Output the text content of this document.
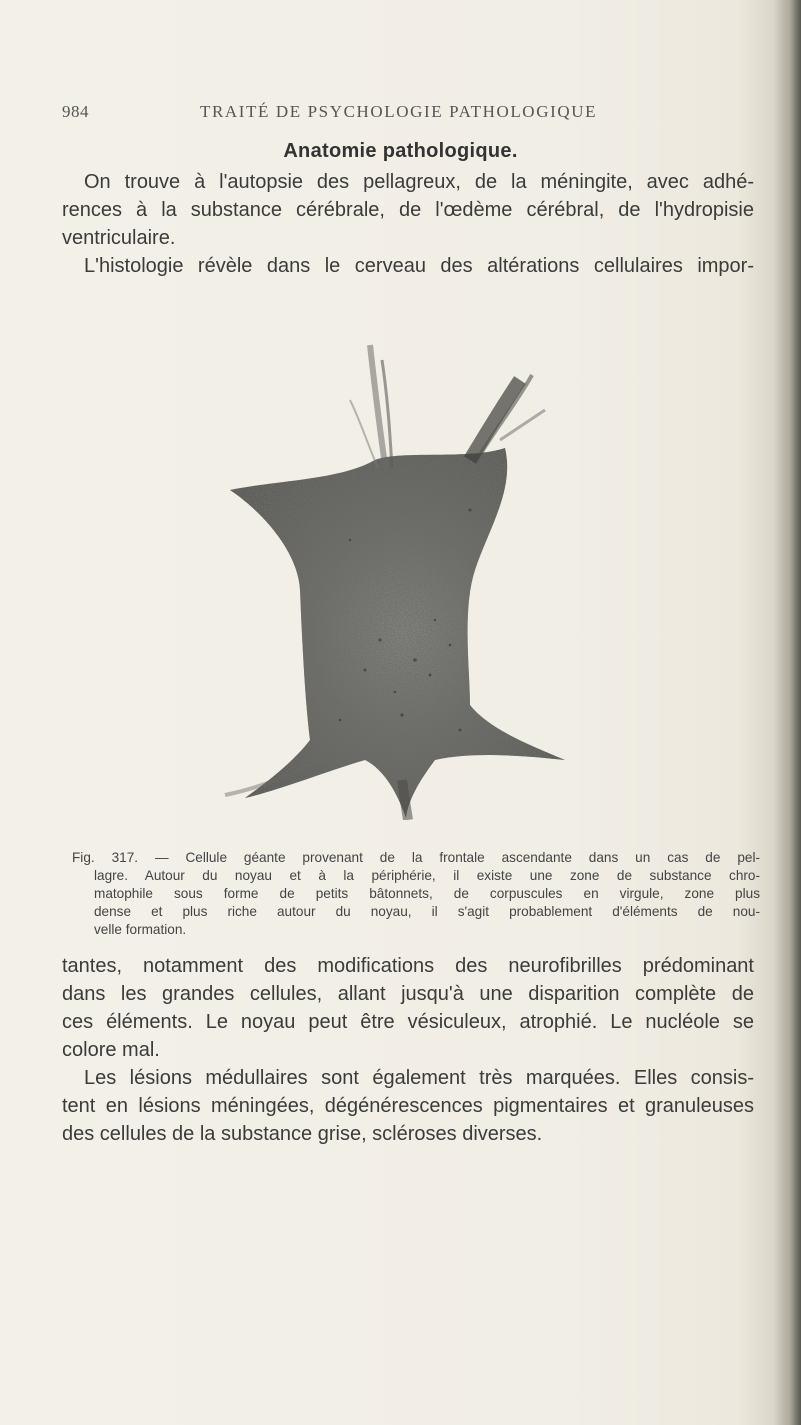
984	TRAITÉ DE PSYCHOLOGIE PATHOLOGIQUE
Anatomie pathologique.

On trouve à l'autopsie des pellagreux, de la méningite, avec adhé-
rences à la substance cérébrale, de l'œdème cérébral, de l'hydropisie
ventriculaire.

L'histologie révèle dans le cerveau des altérations cellulaires impor-

Fig. 317. — Cellule géante provenant de la frontale ascendante dans un cas de pel-
lagre. Autour du noyau et à la périphérie, il existe une zone de substance chro-
matophile sous forme de petits bâtonnets, de corpuscules en virgule, zone plus
dense et plus riche autour du noyau, il s'agit probablement d'éléments de nou-
velle formation.

tantes, notamment des modifications des neurofibrilles prédominant
dans les grandes cellules, allant jusqu'à une disparition complète de
ces éléments. Le noyau peut être vésiculeux, atrophié. Le nucléole se
colore mal.

Les lésions médullaires sont également très marquées. Elles consis-
tent en lésions méningées, dégénérescences pigmentaires et granuleuses
des cellules de la substance grise, scléroses diverses.
